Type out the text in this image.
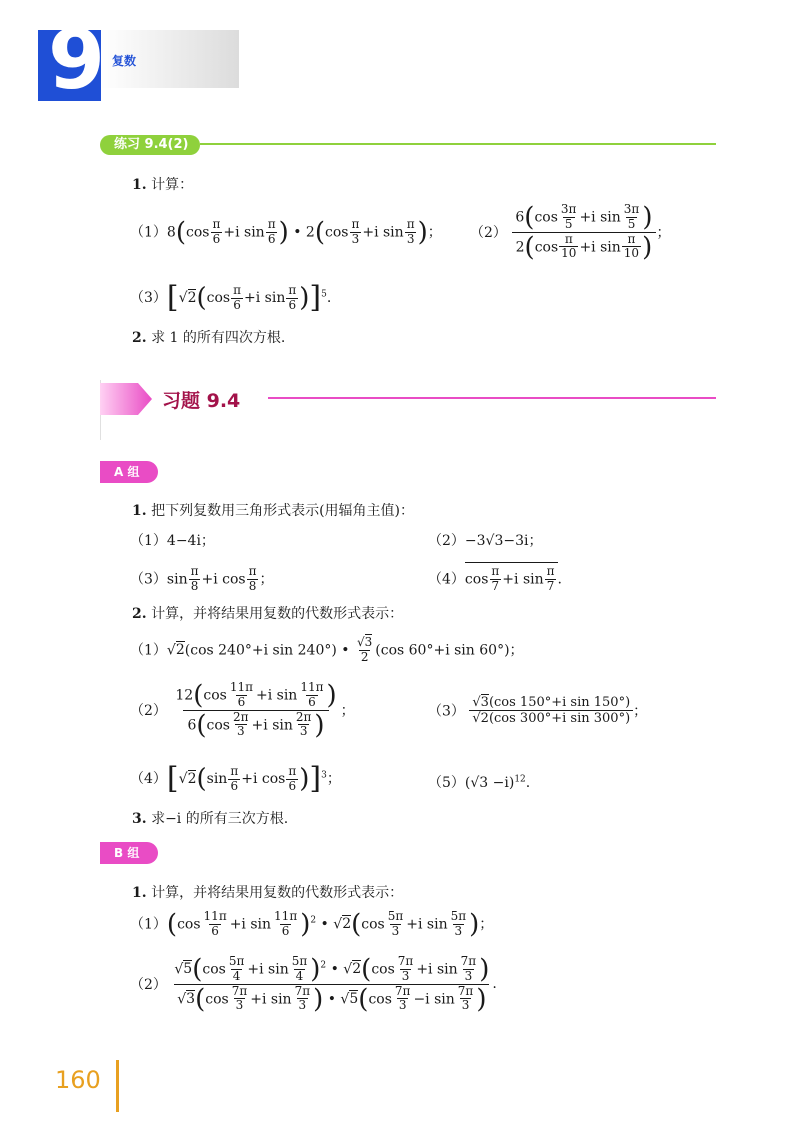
9 复数
练习 9.4(2)
1. 计算：
$(1)8(\cos \frac{\pi}{6} +i$ $\sin \frac{\pi}{6}$ ) • $2(\cos \frac{\pi}{3} +i$ $\sin \frac{\pi}{3}$ )； $(2) \frac{6(\cos \frac{3\pi}{5} +i \sin \frac{3\pi}{5} )}{2(\cos \frac{\pi}{10} +i \sin \frac{\pi}{10} )}$ ；
$(3)[√2(\cos \frac{\pi}{6} +i$ $\sin \frac{\pi}{6} )]^5$.
2. 求 1 的所有四次方根.
习题 9.4
A 组
1. 把下列复数用三角形式表示(用辐角主值)：
（1）4−4i；	（2）−3√3−3i；
$(3)\sin \frac{\pi}{8} +i$ $\cos \frac{\pi}{8}$ ；	$(4)\cos \frac{\pi}{7} +i$ $\sin \frac{\pi}{7}$ .
2. 计算，并将结果用复数的代数形式表示：
（1）√2(cos 240°+i sin 240°) • $\frac{√3}{2} (\cos$ 60°+i sin 60°)；
$(2) \frac{12(\cos \frac{11\pi}{6} +i \sin \frac{11\pi}{6} )}{6(\cos \frac{2\pi}{3} +i \sin \frac{2\pi}{3} )}$ ；	$(3) \frac{\text{√3(cos 150°+i sin 150°)}}{\text{√2(cos 300°+i sin 300°)}}$ ；
$(4)[√2(\sin \frac{\pi}{6} +i$ $\cos \frac{\pi}{6} )]^3$；	$(5)(√3 -i)^{12}$.
3. 求−i 的所有三次方根.
B 组
1. 计算，并将结果用复数的代数形式表示：
$(1)(\cos \frac{11\pi}{6} +i$ $\sin \frac{11\pi}{6} )^2$ • $√2(\cos \frac{5\pi}{3} +i$ $\sin \frac{5\pi}{3}$ )；
$(2) \frac{√5(\cos \frac{5\pi}{4} +i \sin \frac{5\pi}{4} )^2 • √2(\cos \frac{7\pi}{3} +i \sin \frac{7\pi}{3} )}{√3(\cos \frac{7\pi}{3} +i \sin \frac{7\pi}{3} ) • √5(\cos \frac{7\pi}{3} -i \sin \frac{7\pi}{3} )}$ .
160
